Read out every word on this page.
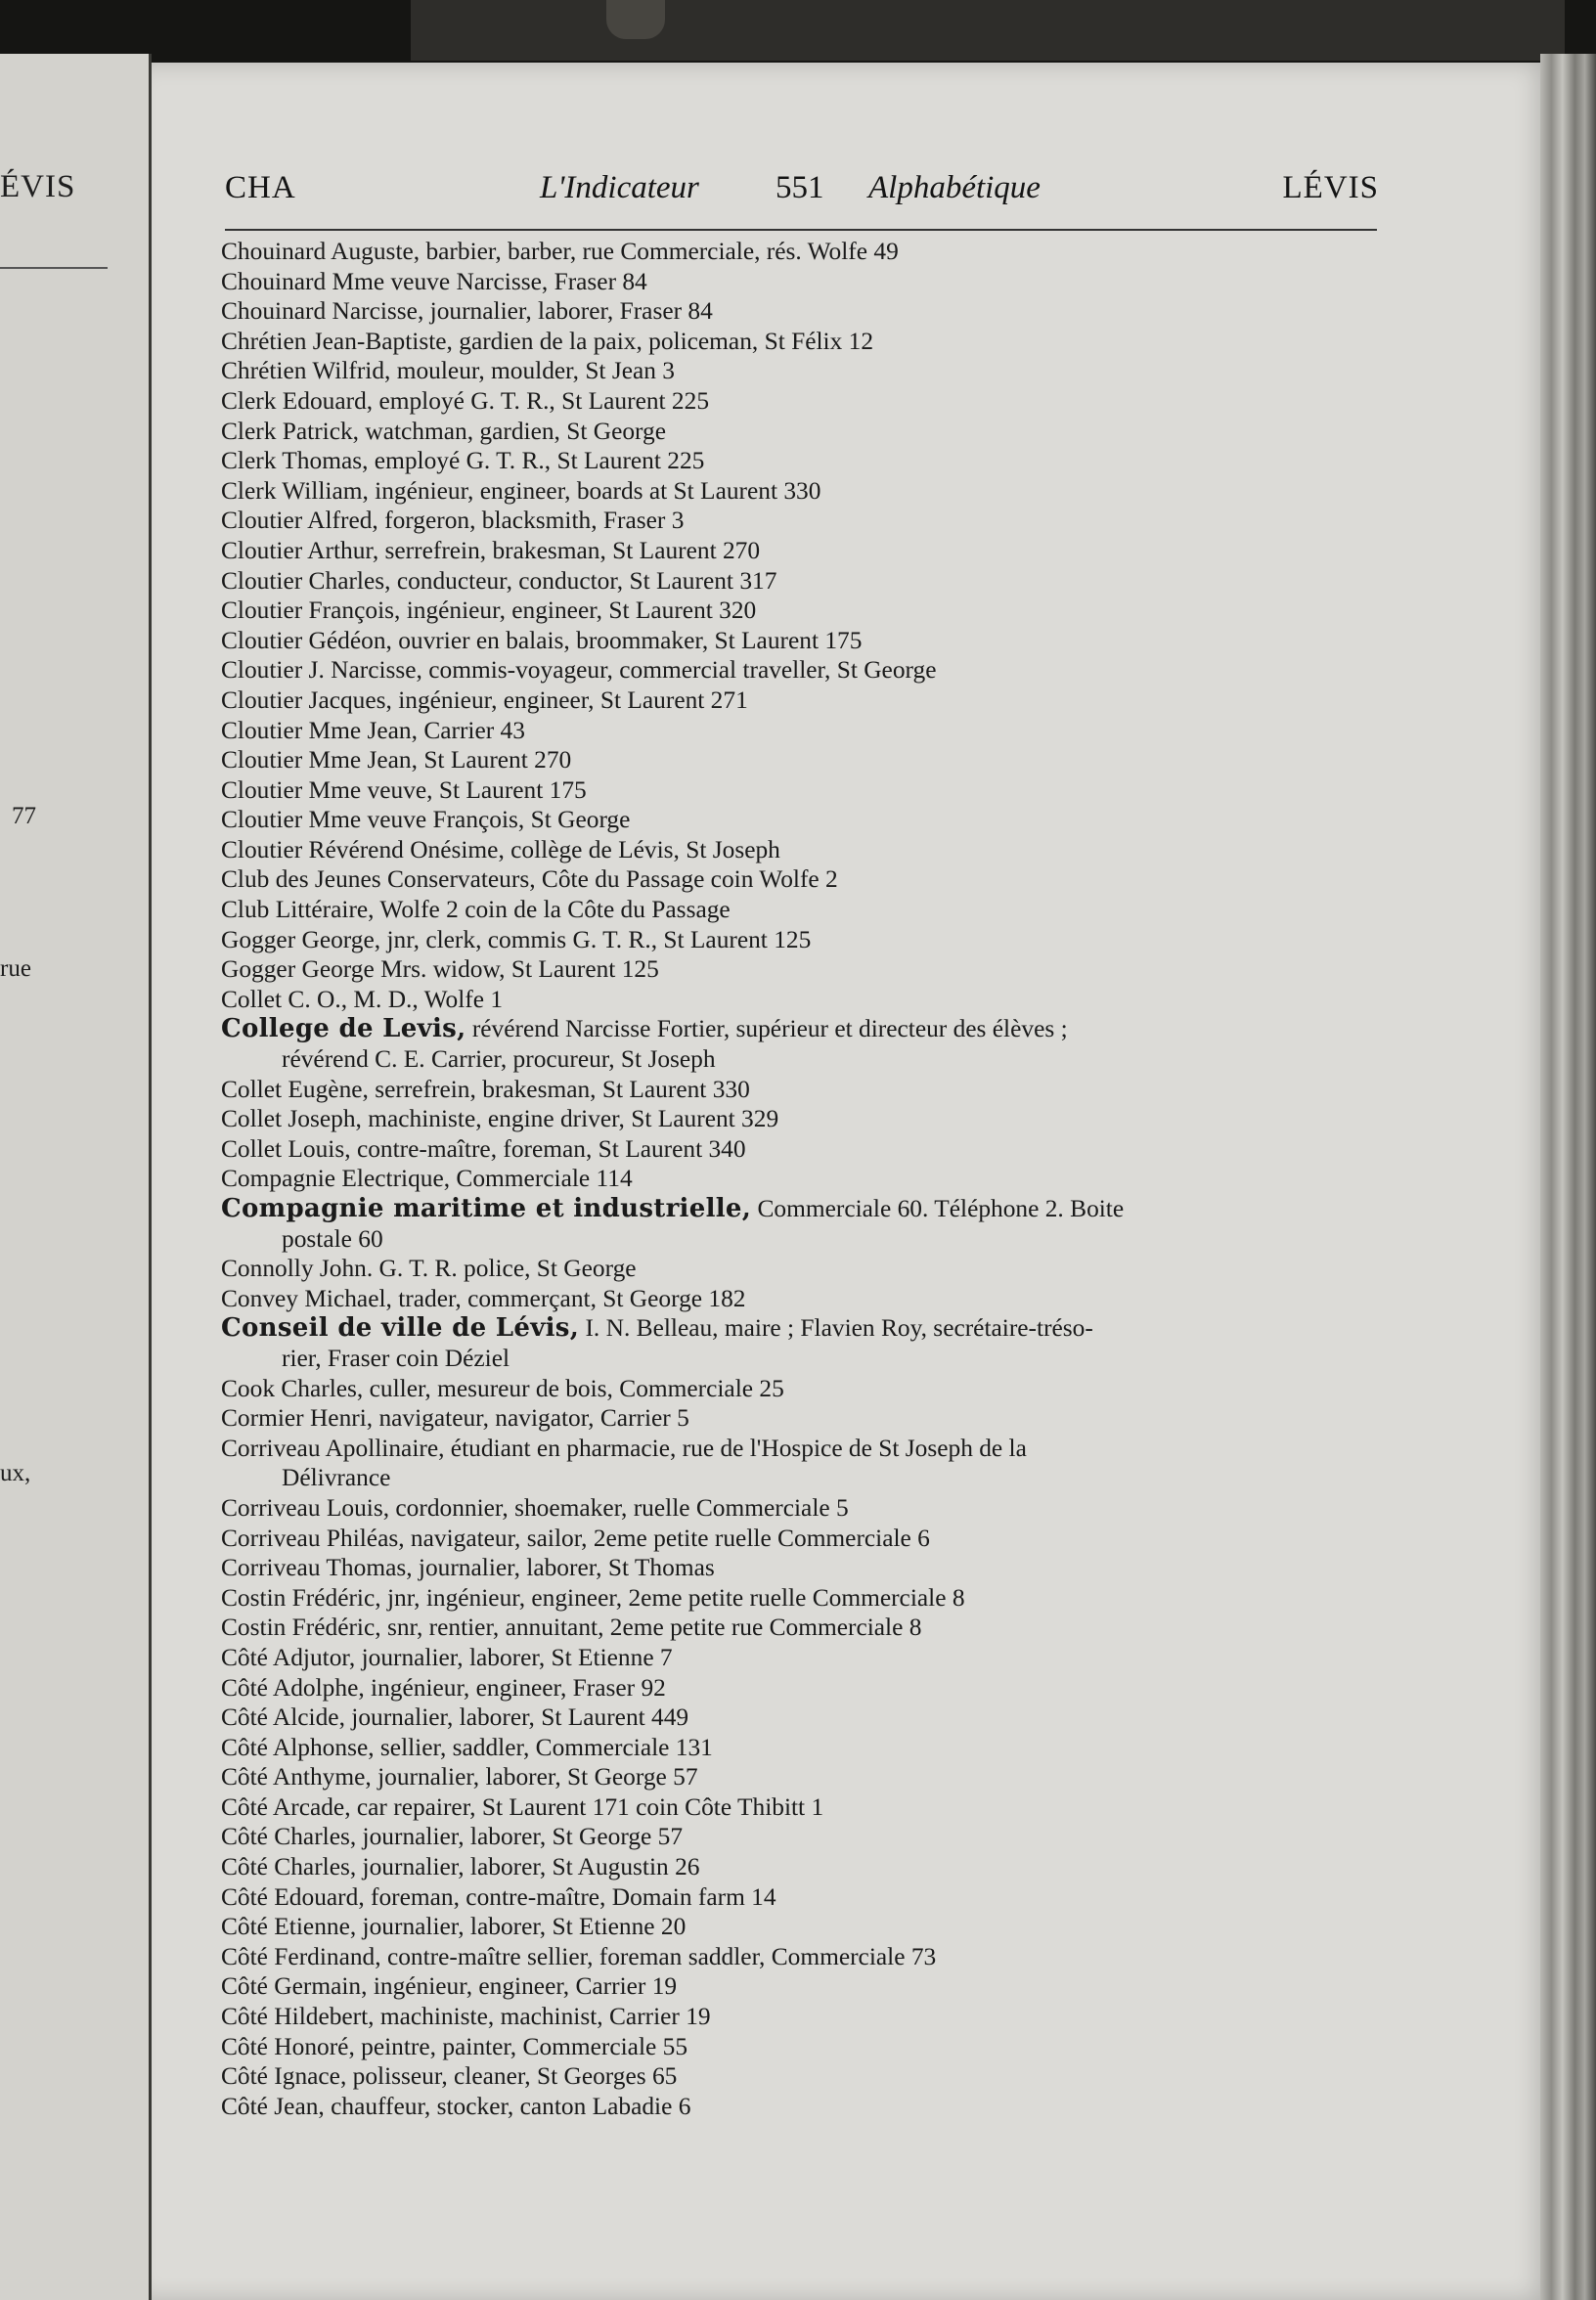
ÉVIS
77
rue
ux,
CHA	L'Indicateur 551 Alphabétique	LÉVIS
Chouinard Auguste, barbier, barber, rue Commerciale, rés. Wolfe 49
Chouinard Mme veuve Narcisse, Fraser 84
Chouinard Narcisse, journalier, laborer, Fraser 84
Chrétien Jean-Baptiste, gardien de la paix, policeman, St Félix 12
Chrétien Wilfrid, mouleur, moulder, St Jean 3
Clerk Edouard, employé G. T. R., St Laurent 225
Clerk Patrick, watchman, gardien, St George
Clerk Thomas, employé G. T. R., St Laurent 225
Clerk William, ingénieur, engineer, boards at St Laurent 330
Cloutier Alfred, forgeron, blacksmith, Fraser 3
Cloutier Arthur, serrefrein, brakesman, St Laurent 270
Cloutier Charles, conducteur, conductor, St Laurent 317
Cloutier François, ingénieur, engineer, St Laurent 320
Cloutier Gédéon, ouvrier en balais, broommaker, St Laurent 175
Cloutier J. Narcisse, commis-voyageur, commercial traveller, St George
Cloutier Jacques, ingénieur, engineer, St Laurent 271
Cloutier Mme Jean, Carrier 43
Cloutier Mme Jean, St Laurent 270
Cloutier Mme veuve, St Laurent 175
Cloutier Mme veuve François, St George
Cloutier Révérend Onésime, collège de Lévis, St Joseph
Club des Jeunes Conservateurs, Côte du Passage coin Wolfe 2
Club Littéraire, Wolfe 2 coin de la Côte du Passage
Gogger George, jnr, clerk, commis G. T. R., St Laurent 125
Gogger George Mrs. widow, St Laurent 125
Collet C. O., M. D., Wolfe 1
College de Levis, révérend Narcisse Fortier, supérieur et directeur des élèves ;
révérend C. E. Carrier, procureur, St Joseph
Collet Eugène, serrefrein, brakesman, St Laurent 330
Collet Joseph, machiniste, engine driver, St Laurent 329
Collet Louis, contre-maître, foreman, St Laurent 340
Compagnie Electrique, Commerciale 114
Compagnie maritime et industrielle, Commerciale 60. Téléphone 2. Boite
postale 60
Connolly John. G. T. R. police, St George
Convey Michael, trader, commerçant, St George 182
Conseil de ville de Lévis, I. N. Belleau, maire ; Flavien Roy, secrétaire-tréso-
rier, Fraser coin Déziel
Cook Charles, culler, mesureur de bois, Commerciale 25
Cormier Henri, navigateur, navigator, Carrier 5
Corriveau Apollinaire, étudiant en pharmacie, rue de l'Hospice de St Joseph de la
Délivrance
Corriveau Louis, cordonnier, shoemaker, ruelle Commerciale 5
Corriveau Philéas, navigateur, sailor, 2eme petite ruelle Commerciale 6
Corriveau Thomas, journalier, laborer, St Thomas
Costin Frédéric, jnr, ingénieur, engineer, 2eme petite ruelle Commerciale 8
Costin Frédéric, snr, rentier, annuitant, 2eme petite rue Commerciale 8
Côté Adjutor, journalier, laborer, St Etienne 7
Côté Adolphe, ingénieur, engineer, Fraser 92
Côté Alcide, journalier, laborer, St Laurent 449
Côté Alphonse, sellier, saddler, Commerciale 131
Côté Anthyme, journalier, laborer, St George 57
Côté Arcade, car repairer, St Laurent 171 coin Côte Thibitt 1
Côté Charles, journalier, laborer, St George 57
Côté Charles, journalier, laborer, St Augustin 26
Côté Edouard, foreman, contre-maître, Domain farm 14
Côté Etienne, journalier, laborer, St Etienne 20
Côté Ferdinand, contre-maître sellier, foreman saddler, Commerciale 73
Côté Germain, ingénieur, engineer, Carrier 19
Côté Hildebert, machiniste, machinist, Carrier 19
Côté Honoré, peintre, painter, Commerciale 55
Côté Ignace, polisseur, cleaner, St Georges 65
Côté Jean, chauffeur, stocker, canton Labadie 6
